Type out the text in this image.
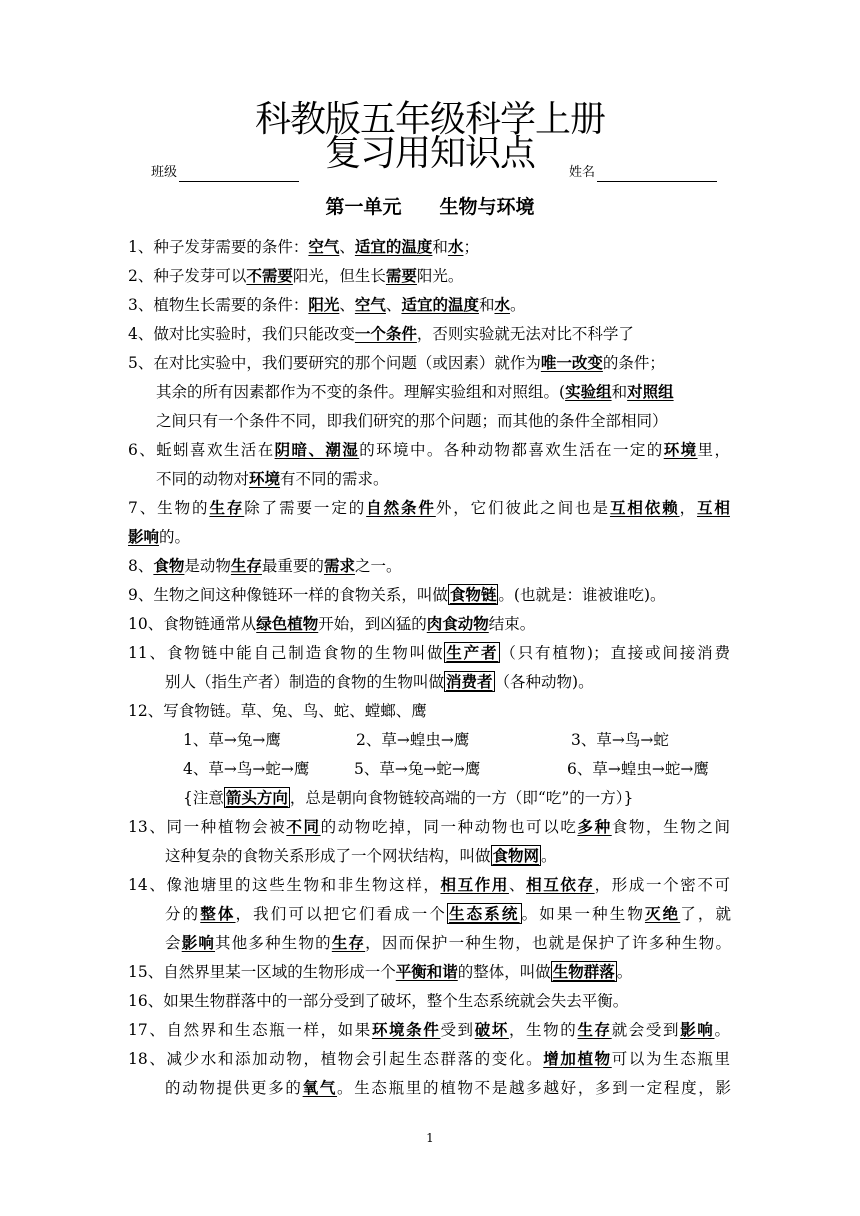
科教版五年级科学上册
复习用知识点
班级	姓名
第一单元　　生物与环境
1、种子发芽需要的条件：空气、适宜的温度和水；
2、种子发芽可以不需要阳光，但生长需要阳光。
3、植物生长需要的条件：阳光、空气、适宜的温度和水。
4、做对比实验时，我们只能改变一个条件，否则实验就无法对比不科学了
5、在对比实验中，我们要研究的那个问题（或因素）就作为唯一改变的条件；
其余的所有因素都作为不变的条件。理解实验组和对照组。(实验组和对照组
之间只有一个条件不同，即我们研究的那个问题；而其他的条件全部相同）
6、蚯蚓喜欢生活在阴暗、潮湿的环境中。各种动物都喜欢生活在一定的环境里，
不同的动物对环境有不同的需求。
7、生物的生存除了需要一定的自然条件外，它们彼此之间也是互相依赖，互相
影响的。
8、食物是动物生存最重要的需求之一。
9、生物之间这种像链环一样的食物关系，叫做 食物链 。(也就是：谁被谁吃)。
10、食物链通常从绿色植物开始，到凶猛的肉食动物结束。
11、食物链中能自己制造食物的生物叫做 生产者 （只有植物)；直接或间接消费
别人（指生产者）制造的食物的生物叫做 消费者 （各种动物)。
12、写食物链。草、兔、鸟、蛇、螳螂、鹰
{注意 箭头方向 ，总是朝向食物链较高端的一方（即“吃”的一方）}
13、同一种植物会被不同的动物吃掉，同一种动物也可以吃多种食物，生物之间
这种复杂的食物关系形成了一个网状结构，叫做 食物网 。
14、像池塘里的这些生物和非生物这样，相互作用、相互依存，形成一个密不可
分的整体，我们可以把它们看成一个 生态系统 。如果一种生物灭绝了，就
会影响其他多种生物的生存，因而保护一种生物，也就是保护了许多种生物。
15、自然界里某一区域的生物形成一个平衡和谐的整体，叫做 生物群落 。
16、如果生物群落中的一部分受到了破坏，整个生态系统就会失去平衡。
17、自然界和生态瓶一样，如果环境条件受到破坏，生物的生存就会受到影响。
18、减少水和添加动物，植物会引起生态群落的变化。增加植物可以为生态瓶里
的动物提供更多的氧气。生态瓶里的植物不是越多越好，多到一定程度，影
1、草→兔→鹰	2、草→蝗虫→鹰	3、草→鸟→蛇
4、草→鸟→蛇→鹰	5、草→兔→蛇→鹰	6、草→蝗虫→蛇→鹰
1
